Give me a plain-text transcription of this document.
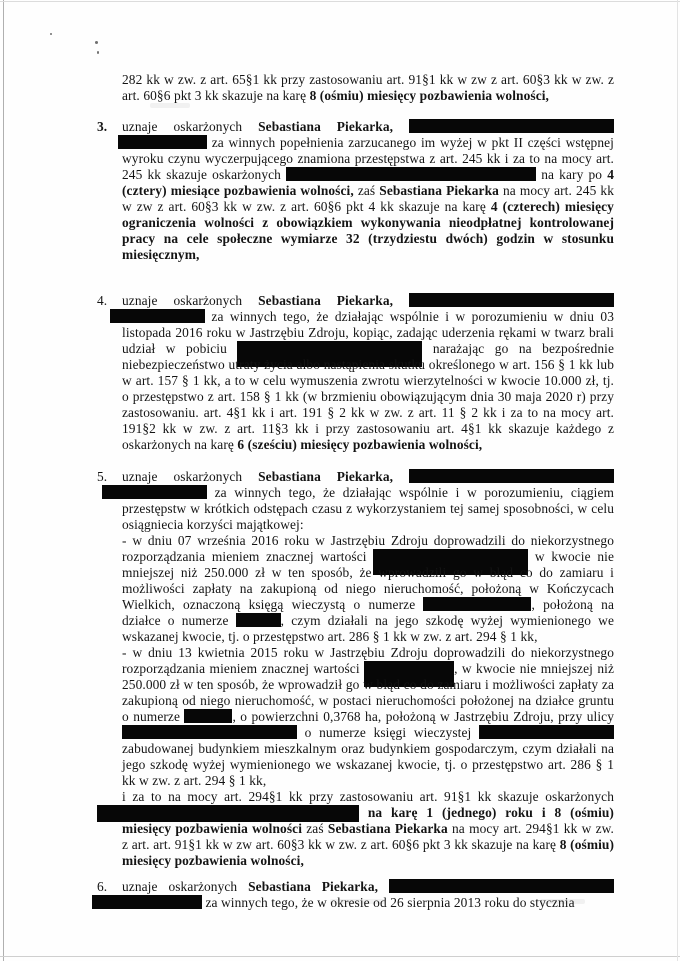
282 kk w zw. z art. 65§1 kk przy zastosowaniu art. 91§1 kk w zw z art. 60§3 kk w zw. z art. 60§6 pkt 3 kk skazuje na karę 8 (ośmiu) miesięcy pozbawienia wolności,
3. uznaje oskarżonych Sebastiana Piekarka,   za winnych popełnienia zarzucanego im wyżej w pkt II części wstępnej wyroku czynu wyczerpującego znamiona przestępstwa z art. 245 kk i za to na mocy art. 245 kk skazuje oskarżonych	na kary po 4 (cztery) miesiące pozbawienia wolności, zaś Sebastiana Piekarka na mocy art. 245 kk w zw z art. 60§3 kk w zw. z art. 60§6 pkt 4 kk skazuje na karę 4 (czterech) miesięcy ograniczenia wolności z obowiązkiem wykonywania nieodpłatnej kontrolowanej pracy na cele społeczne wymiarze 32 (trzydziestu dwóch) godzin w stosunku miesięcznym,
4. uznaje oskarżonych Sebastiana Piekarka,   za winnych tego, że działając wspólnie i w porozumieniu w dniu 03 listopada 2016 roku w Jastrzębiu Zdroju, kopiąc, zadając uderzenia rękami w twarz brali udział w pobiciu	narażając go na bezpośrednie niebezpieczeństwo utraty życia albo nastąpienia skutku określonego w art. 156 § 1 kk lub w art. 157 § 1 kk, a to w celu wymuszenia zwrotu wierzytelności w kwocie 10.000 zł, tj. o przestępstwo z art. 158 § 1 kk (w brzmieniu obowiązującym dnia 30 maja 2020 r) przy zastosowaniu. art. 4§1 kk i art. 191 § 2 kk w zw. z art. 11 § 2 kk i za to na mocy art. 191§2 kk w zw. z art. 11§3 kk i przy zastosowaniu art. 4§1 kk skazuje każdego z oskarżonych na karę 6 (sześciu) miesięcy pozbawienia wolności,
5. uznaje oskarżonych Sebastiana Piekarka,   za winnych tego, że działając wspólnie i w porozumieniu, ciągiem przestępstw w krótkich odstępach czasu z wykorzystaniem tej samej sposobności, w celu osiągniecia korzyści majątkowej:
- w dniu 07 września 2016 roku w Jastrzębiu Zdroju doprowadzili do niekorzystnego rozporządzania mieniem znacznej wartości	w kwocie nie mniejszej niż 250.000 zł w ten sposób, że wprowadzili go w błąd co do zamiaru i możliwości zapłaty na zakupioną od niego nieruchomość, położoną w Kończycach Wielkich, oznaczoną księgą wieczystą o numerze	, położoną na działce o numerze	, czym działali na jego szkodę wyżej wymienionego we wskazanej kwocie, tj. o przestępstwo art. 286 § 1 kk w zw. z art. 294 § 1 kk,
- w dniu 13 kwietnia 2015 roku w Jastrzębiu Zdroju doprowadzili do niekorzystnego rozporządzania mieniem znacznej wartości	, w kwocie nie mniejszej niż 250.000 zł w ten sposób, że wprowadził go w błąd co do zamiaru i możliwości zapłaty za zakupioną od niego nieruchomość, w postaci nieruchomości położonej na działce gruntu o numerze	, o powierzchni 0,3768 ha, położoną w Jastrzębiu Zdroju, przy ulicy  o numerze księgi wieczystej  zabudowanej budynkiem mieszkalnym oraz budynkiem gospodarczym, czym działali na jego szkodę wyżej wymienionego we wskazanej kwocie, tj. o przestępstwo art. 286 § 1 kk w zw. z art. 294 § 1 kk,
i za to na mocy art. 294§1 kk przy zastosowaniu art. 91§1 kk skazuje oskarżonych  na karę 1 (jednego) roku i 8 (ośmiu) miesięcy pozbawienia wolności zaś Sebastiana Piekarka na mocy art. 294§1 kk w zw. z art. art. 91§1 kk w zw art. 60§3 kk w zw. z art. 60§6 pkt 3 kk skazuje na karę 8 (ośmiu) miesięcy pozbawienia wolności,
6. uznaje oskarżonych Sebastiana Piekarka,   za winnych tego, że w okresie od 26 sierpnia 2013 roku do stycznia
